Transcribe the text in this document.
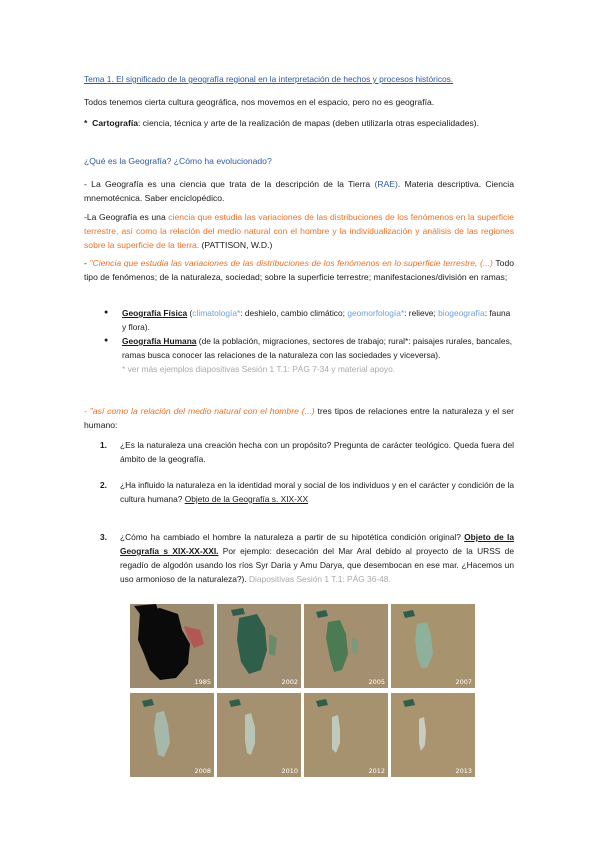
Tema 1. El significado de la geografía regional en la interpretación de hechos y procesos históricos.
Todos tenemos cierta cultura geográfica, nos movemos en el espacio, pero no es geografía.
* Cartografía: ciencia, técnica y arte de la realización de mapas (deben utilizarla otras especialidades).
¿Qué es la Geografía? ¿Cómo ha evolucionado?
- La Geografía es una ciencia que trata de la descripción de la Tierra (RAE). Materia descriptiva. Ciencia mnemotécnica. Saber enciclopédico.
-La Geografía es una ciencia que estudia las variaciones de las distribuciones de los fenómenos en la superficie terrestre, así como la relación del medio natural con el hombre y la individualización y análisis de las regiones sobre la superficie de la tierra. (PATTISON, W.D.)
- "Ciencia que estudia las variaciones de las distribuciones de los fenómenos en lo superficie terrestre, (...) Todo tipo de fenómenos; de la naturaleza, sociedad; sobre la superficie terrestre; manifestaciones/división en ramas;
● Geografía Física (climatología*: deshielo, cambio climático; geomorfología*: relieve; biogeografía: fauna y flora).
● Geografía Humana (de la población, migraciones, sectores de trabajo; rural*: paisajes rurales, bancales, ramas busca conocer las relaciones de la naturaleza con las sociedades y viceversa).
* ver más ejemplos diapositivas Sesión 1 T.1: PÁG 7-34 y material apoyo.
- "así como la relación del medio natural con el hombre (...) tres tipos de relaciones entre la naturaleza y el ser humano:
1.	¿Es la naturaleza una creación hecha con un propósito? Pregunta de carácter teológico. Queda fuera del ámbito de la geografía.
2.	¿Ha influido la naturaleza en la identidad moral y social de los individuos y en el carácter y condición de la cultura humana? Objeto de la Geografía s. XIX-XX
3.	¿Cómo ha cambiado el hombre la naturaleza a partir de su hipotética condición original? Objeto de la Geografía s XIX-XX-XXI. Por ejemplo: desecación del Mar Aral debido al proyecto de la URSS de regadío de algodón usando los ríos Syr Daria y Amu Darya, que desembocan en ese mar. ¿Hacemos un uso armonioso de la naturaleza?). Diapositivas Sesión 1 T.1: PÁG 36-48.
1985	2002	2005	2007
2008	2010	2012	2013
